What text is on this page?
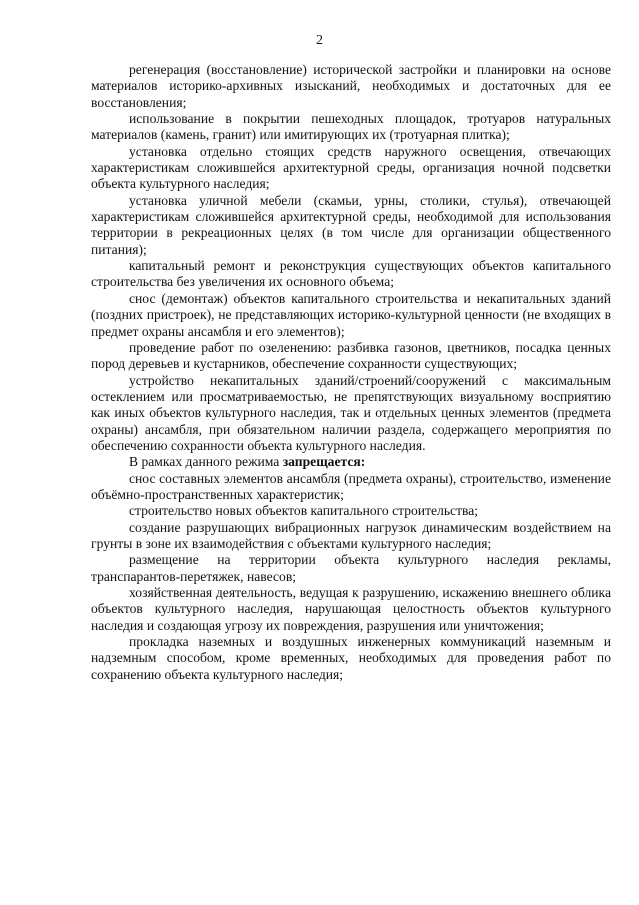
2

регенерация (восстановление) исторической застройки и планировки на основе материалов историко-архивных изысканий, необходимых и достаточных для ее восстановления;

использование в покрытии пешеходных площадок, тротуаров натуральных материалов (камень, гранит) или имитирующих их (тротуарная плитка);

установка отдельно стоящих средств наружного освещения, отвечающих характеристикам сложившейся архитектурной среды, организация ночной подсветки объекта культурного наследия;

установка уличной мебели (скамьи, урны, столики, стулья), отвечающей характеристикам сложившейся архитектурной среды, необходимой для использования территории в рекреационных целях (в том числе для организации общественного питания);

капитальный ремонт и реконструкция существующих объектов капитального строительства без увеличения их основного объема;

снос (демонтаж) объектов капитального строительства и некапитальных зданий (поздних пристроек), не представляющих историко-культурной ценности (не входящих в предмет охраны ансамбля и его элементов);

проведение работ по озеленению: разбивка газонов, цветников, посадка ценных пород деревьев и кустарников, обеспечение сохранности существующих;

устройство некапитальных зданий/строений/сооружений с максимальным остеклением или просматриваемостью, не препятствующих визуальному восприятию как иных объектов культурного наследия, так и отдельных ценных элементов (предмета охраны) ансамбля, при обязательном наличии раздела, содержащего мероприятия по обеспечению сохранности объекта культурного наследия.

В рамках данного режима запрещается:

снос составных элементов ансамбля (предмета охраны), строительство, изменение объёмно-пространственных характеристик;

строительство новых объектов капитального строительства;

создание разрушающих вибрационных нагрузок динамическим воздействием на грунты в зоне их взаимодействия с объектами культурного наследия;

размещение на территории объекта культурного наследия рекламы, транспарантов-перетяжек, навесов;

хозяйственная деятельность, ведущая к разрушению, искажению внешнего облика объектов культурного наследия, нарушающая целостность объектов культурного наследия и создающая угрозу их повреждения, разрушения или уничтожения;

прокладка наземных и воздушных инженерных коммуникаций наземным и надземным способом, кроме временных, необходимых для проведения работ по сохранению объекта культурного наследия;
